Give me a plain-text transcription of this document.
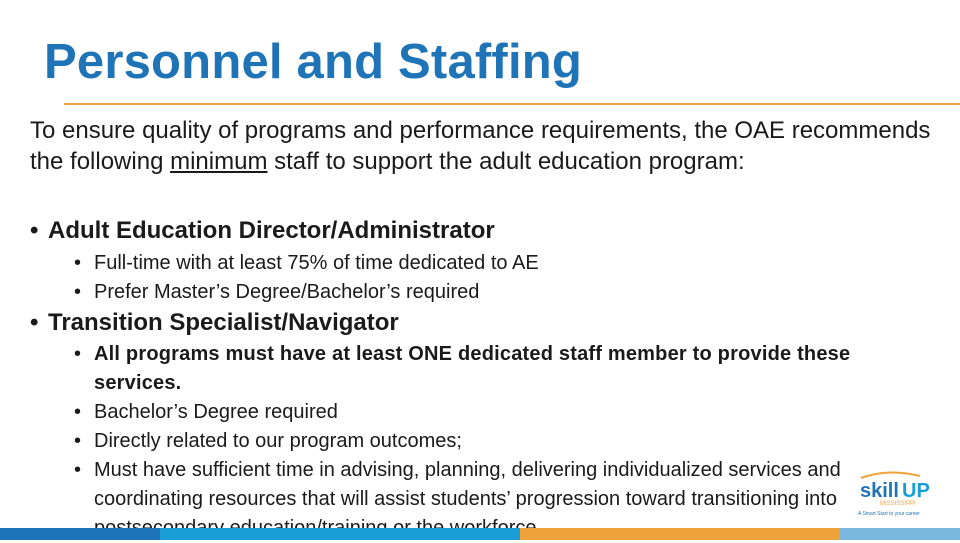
Personnel and Staffing
To ensure quality of programs and performance requirements, the OAE recommends the following minimum staff to support the adult education program:
• Adult Education Director/Administrator
• Full-time with at least 75% of time dedicated to AE
• Prefer Master’s Degree/Bachelor’s required
• Transition Specialist/Navigator
• All programs must have at least ONE dedicated staff member to provide these services.
• Bachelor’s Degree required
• Directly related to our program outcomes;
• Must have sufficient time in advising, planning, delivering individualized services and coordinating resources that will assist students’ progression toward transitioning into	skill UP
MISSISSIPPI
A Smart Start to your career
